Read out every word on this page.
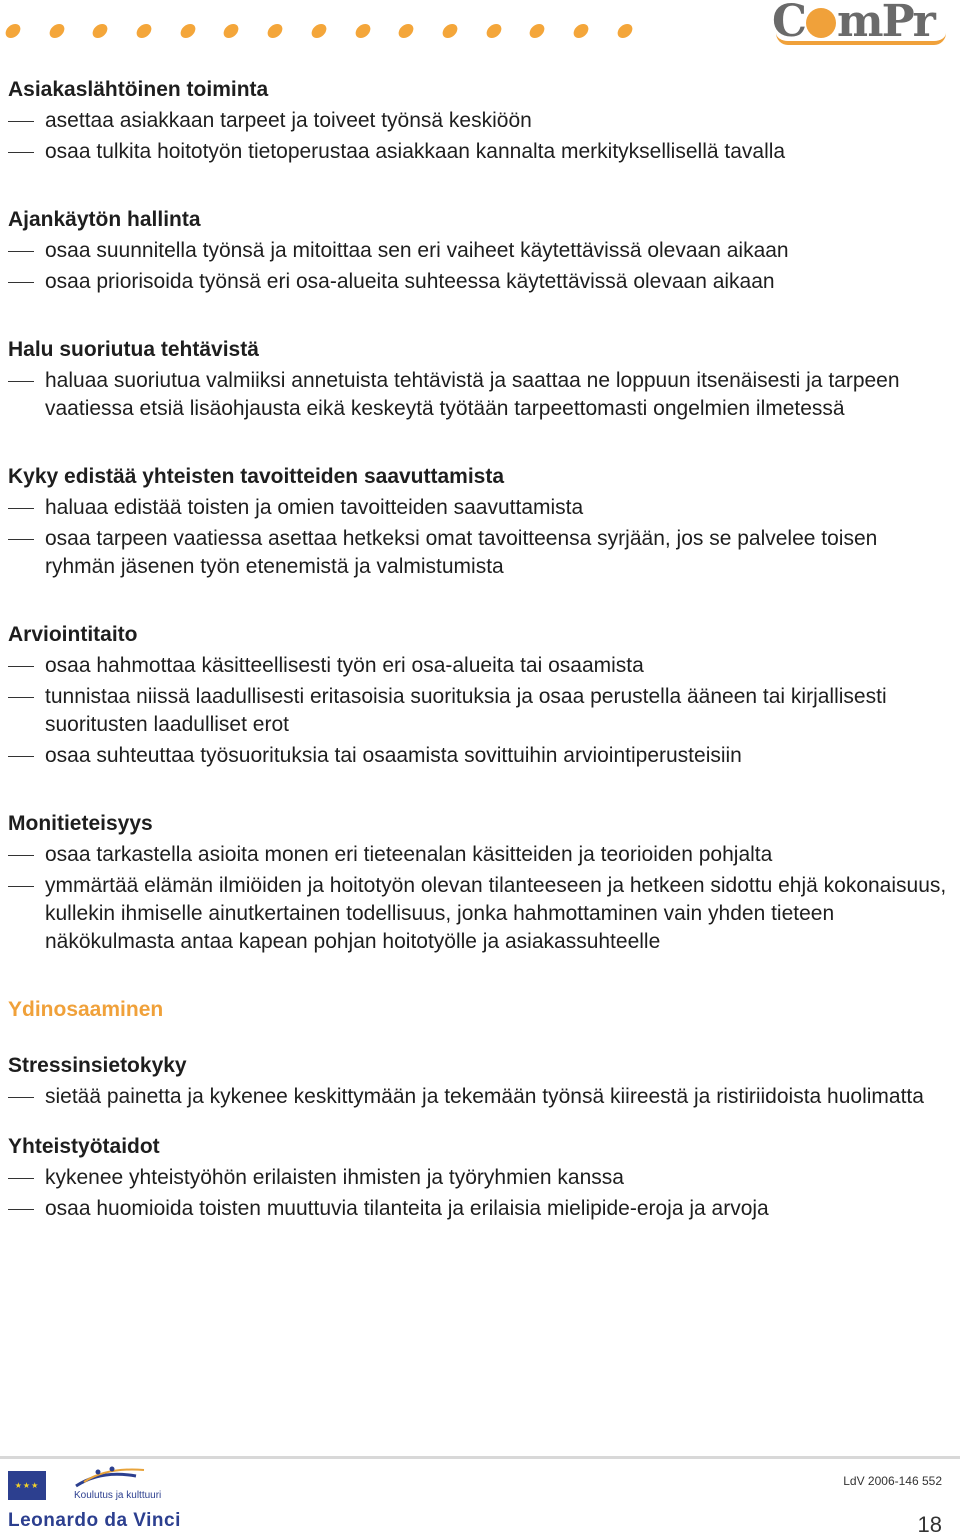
C mPr
Asiakaslähtöinen toiminta
asettaa asiakkaan tarpeet ja toiveet työnsä keskiöön
osaa tulkita hoitotyön tietoperustaa asiakkaan kannalta merkityksellisellä tavalla
Ajankäytön hallinta
osaa suunnitella työnsä ja mitoittaa sen eri vaiheet käytettävissä olevaan aikaan
osaa priorisoida työnsä eri osa-alueita suhteessa käytettävissä olevaan aikaan
Halu suoriutua tehtävistä
haluaa suoriutua valmiiksi annetuista tehtävistä ja saattaa ne loppuun itsenäisesti ja tarpeen vaatiessa etsiä lisäohjausta eikä keskeytä työtään tarpeettomasti ongelmien ilmetessä
Kyky edistää yhteisten tavoitteiden saavuttamista
haluaa edistää toisten ja omien tavoitteiden saavuttamista
osaa tarpeen vaatiessa asettaa hetkeksi omat tavoitteensa syrjään, jos se palvelee toisen ryhmän jäsenen työn etenemistä ja valmistumista
Arviointitaito
osaa hahmottaa käsitteellisesti työn eri osa-alueita tai osaamista
tunnistaa niissä laadullisesti eritasoisia suorituksia ja osaa perustella ääneen tai kirjallisesti suoritusten laadulliset erot
osaa suhteuttaa työsuorituksia tai osaamista sovittuihin arviointiperusteisiin
Monitieteisyys
osaa tarkastella asioita monen eri tieteenalan käsitteiden ja teorioiden pohjalta
ymmärtää elämän ilmiöiden ja hoitotyön olevan tilanteeseen ja hetkeen sidottu ehjä kokonaisuus, kullekin ihmiselle ainutkertainen todellisuus, jonka hahmottaminen vain yhden tieteen näkökulmasta antaa kapean pohjan hoitotyölle ja asiakassuhteelle
Ydinosaaminen
Stressinsietokyky
sietää painetta ja kykenee keskittymään ja tekemään työnsä kiireestä ja ristiriidoista huolimatta
Yhteistyötaidot
kykenee yhteistyöhön erilaisten ihmisten ja työryhmien kanssa
osaa huomioida toisten muuttuvia tilanteita ja erilaisia mielipide-eroja ja arvoja
★★★
Koulutus ja kulttuuri
Leonardo da Vinci
LdV 2006-146 552
18
